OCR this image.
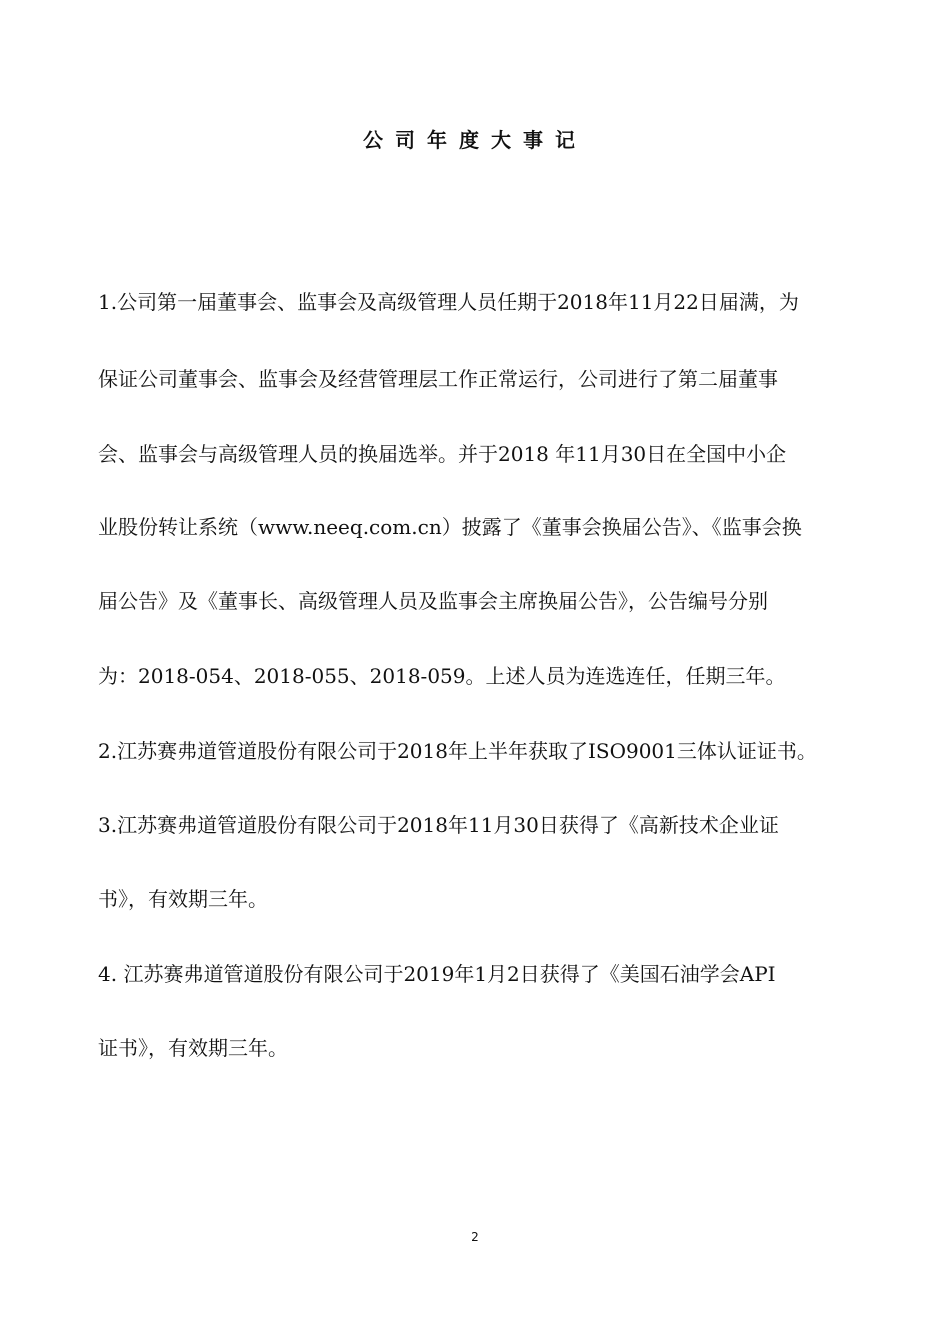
公司年度大事记
1.公司第一届董事会、监事会及高级管理人员任期于2018年11月22日届满，为
保证公司董事会、监事会及经营管理层工作正常运行，公司进行了第二届董事
会、监事会与高级管理人员的换届选举。并于2018 年11月30日在全国中小企
业股份转让系统（www.neeq.com.cn）披露了《董事会换届公告》、《监事会换
届公告》及《董事长、高级管理人员及监事会主席换届公告》，公告编号分别
为：2018-054、2018-055、2018-059。上述人员为连选连任，任期三年。
2.江苏赛弗道管道股份有限公司于2018年上半年获取了ISO9001三体认证证书。
3.江苏赛弗道管道股份有限公司于2018年11月30日获得了《高新技术企业证
书》，有效期三年。
4. 江苏赛弗道管道股份有限公司于2019年1月2日获得了《美国石油学会API
证书》，有效期三年。
2
